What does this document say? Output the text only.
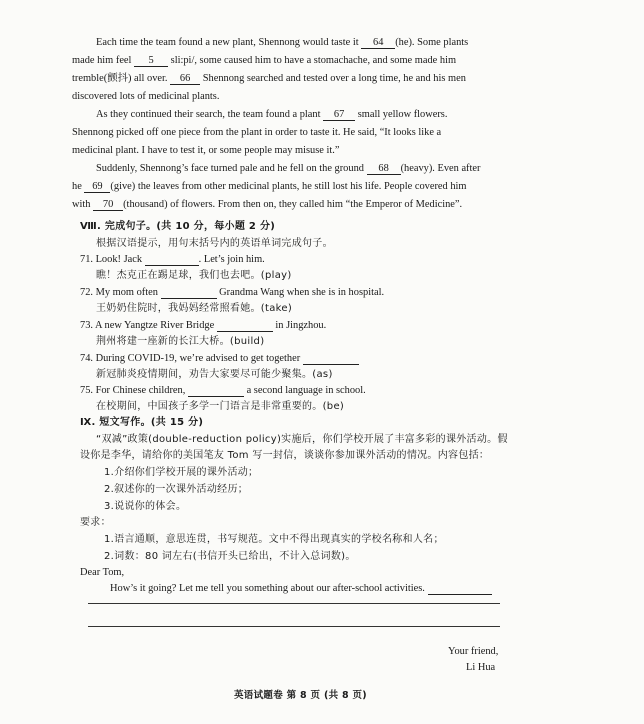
Each time the team found a new plant, Shennong would taste it 64 (he). Some plants
made him feel 5 sli:pi/, some caused him to have a stomachache, and some made him
tremble(颤抖) all over. 66 Shennong searched and tested over a long time, he and his men
discovered lots of medicinal plants.
As they continued their search, the team found a plant 67 small yellow flowers.
Shennong picked off one piece from the plant in order to taste it. He said, “It looks like a
medicinal plant. I have to test it, or some people may misuse it.”
Suddenly, Shennong’s face turned pale and he fell on the ground 68 (heavy). Even after
he 69 (give) the leaves from other medicinal plants, he still lost his life. People covered him
with 70 (thousand) of flowers. From then on, they called him “the Emperor of Medicine”.
Ⅷ. 完成句子。(共 10 分，每小题 2 分)
根据汉语提示，用句末括号内的英语单词完成句子。
71. Look! Jack	. Let’s join him.
瞧！杰克正在踢足球，我们也去吧。(play)
72. My mom often	Grandma Wang when she is in hospital.
王奶奶住院时，我妈妈经常照看她。(take)
73. A new Yangtze River Bridge	in Jingzhou.
荆州将建一座新的长江大桥。(build)
74. During COVID-19, we’re advised to get together
新冠肺炎疫情期间，劝告大家要尽可能少聚集。(as)
75. For Chinese children,	a second language in school.
在校期间，中国孩子多学一门语言是非常重要的。(be)
Ⅸ. 短文写作。(共 15 分)
“双减”政策(double-reduction policy)实施后，你们学校开展了丰富多彩的课外活动。假
设你是李华，请给你的美国笔友 Tom 写一封信，谈谈你参加课外活动的情况。内容包括：
1.介绍你们学校开展的课外活动；
2.叙述你的一次课外活动经历；
3.说说你的体会。
要求：
1.语言通顺，意思连贯，书写规范。文中不得出现真实的学校名称和人名；
2.词数：80 词左右(书信开头已给出，不计入总词数)。
Dear Tom,
How’s it going? Let me tell you something about our after-school activities.
Your friend,
Li Hua
英语试题卷 第 8 页 (共 8 页)
